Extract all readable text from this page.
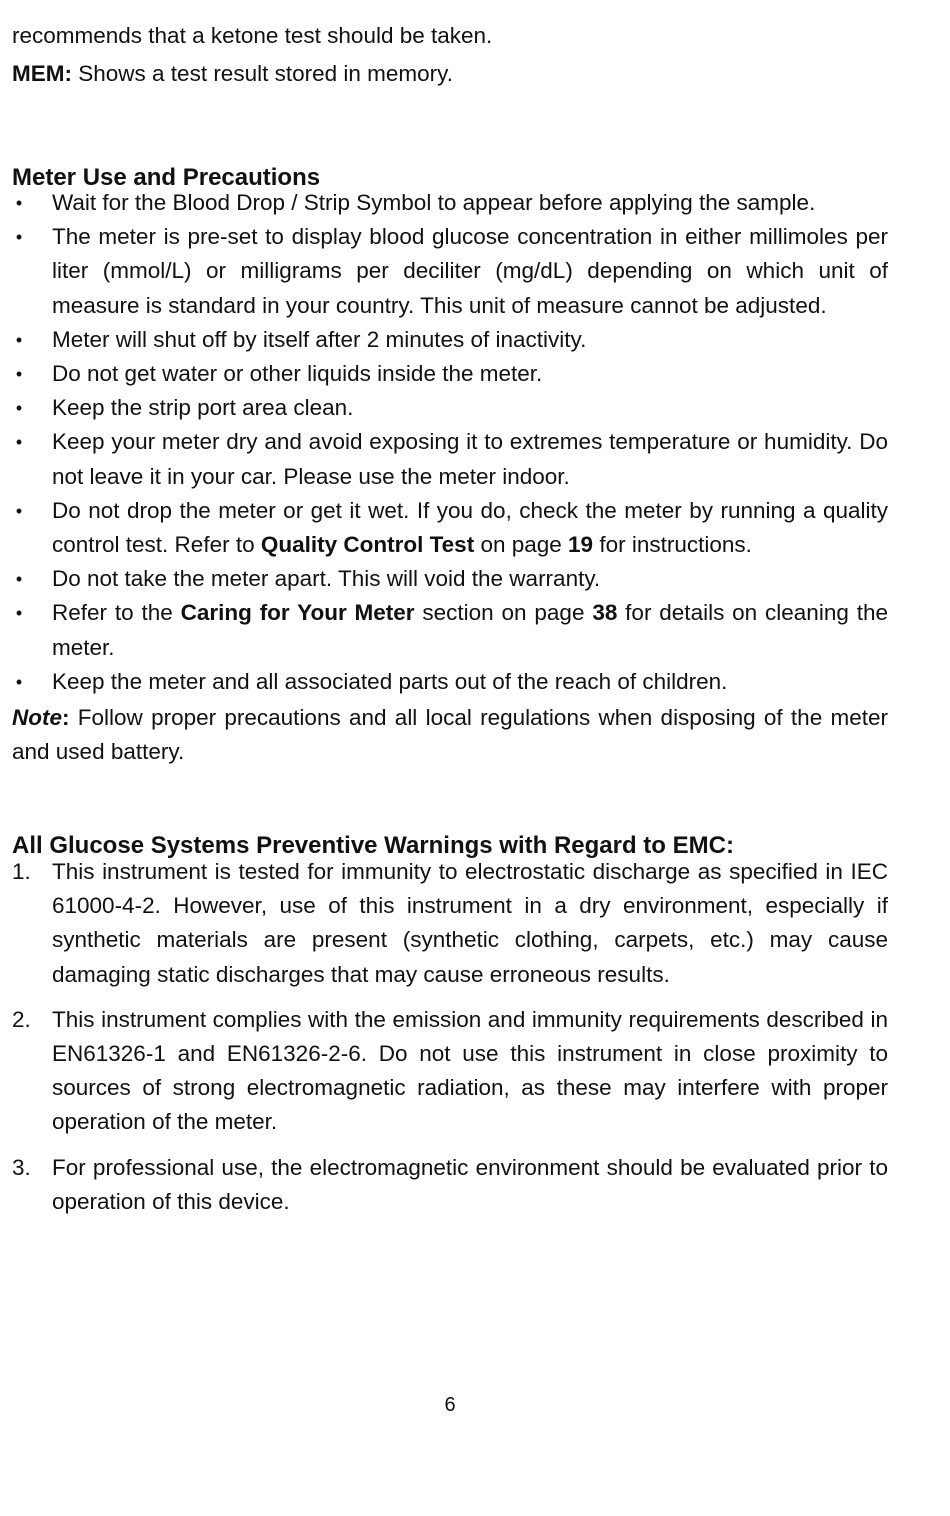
recommends that a ketone test should be taken.

MEM: Shows a test result stored in memory.

Meter Use and Precautions
• Wait for the Blood Drop / Strip Symbol to appear before applying the sample.
• The meter is pre-set to display blood glucose concentration in either millimoles per liter (mmol/L) or milligrams per deciliter (mg/dL) depending on which unit of measure is standard in your country. This unit of measure cannot be adjusted.
• Meter will shut off by itself after 2 minutes of inactivity.
• Do not get water or other liquids inside the meter.
• Keep the strip port area clean.
• Keep your meter dry and avoid exposing it to extremes temperature or humidity. Do not leave it in your car. Please use the meter indoor.
• Do not drop the meter or get it wet. If you do, check the meter by running a quality control test. Refer to Quality Control Test on page 19 for instructions.
• Do not take the meter apart. This will void the warranty.
• Refer to the Caring for Your Meter section on page 38 for details on cleaning the meter.
• Keep the meter and all associated parts out of the reach of children.

Note: Follow proper precautions and all local regulations when disposing of the meter and used battery.

All Glucose Systems Preventive Warnings with Regard to EMC:
1. This instrument is tested for immunity to electrostatic discharge as specified in IEC 61000-4-2. However, use of this instrument in a dry environment, especially if synthetic materials are present (synthetic clothing, carpets, etc.) may cause damaging static discharges that may cause erroneous results.
2. This instrument complies with the emission and immunity requirements described in EN61326-1 and EN61326-2-6. Do not use this instrument in close proximity to sources of strong electromagnetic radiation, as these may interfere with proper operation of the meter.
3. For professional use, the electromagnetic environment should be evaluated prior to operation of this device.
6
